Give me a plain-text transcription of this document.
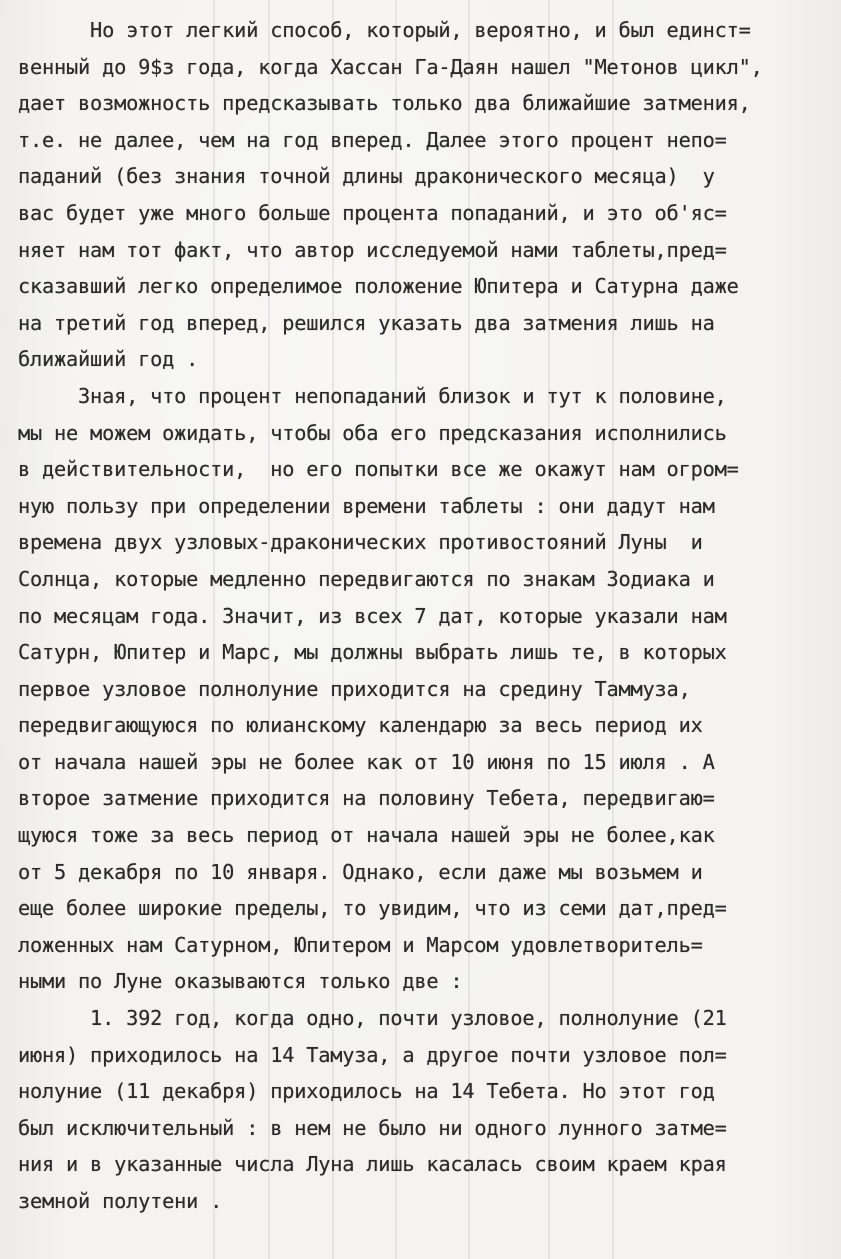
Но этот легкий способ, который, вероятно, и был единст=
венный до 9$з года, когда Хассан Га-Даян нашел "Метонов цикл",
дает возможность предсказывать только два ближайшие затмения,
т.е. не далее, чем на год вперед. Далее этого процент непо=
паданий (без знания точной длины драконического месяца)  у
вас будет уже много больше процента попаданий, и это об'яс=
няет нам тот факт, что автор исследуемой нами таблеты,пред=
сказавший легко определимое положение Юпитера и Сатурна даже
на третий год вперед, решился указать два затмения лишь на
ближайший год .
Зная, что процент непопаданий близок и тут к половине,
мы не можем ожидать, чтобы оба его предсказания исполнились
в действительности,  но его попытки все же окажут нам огром=
ную пользу при определении времени таблеты : они дадут нам
времена двух узловых-драконических противостояний Луны  и
Солнца, которые медленно передвигаются по знакам Зодиака и
по месяцам года. Значит, из всех 7 дат, которые указали нам
Сатурн, Юпитер и Марс, мы должны выбрать лишь те, в которых
первое узловое полнолуние приходится на средину Таммуза,
передвигающуюся по юлианскому календарю за весь период их
от начала нашей эры не более как от 10 июня по 15 июля . А
второе затмение приходится на половину Тебета, передвигаю=
щуюся тоже за весь период от начала нашей эры не более,как
от 5 декабря по 10 января. Однако, если даже мы возьмем и
еще более широкие пределы, то увидим, что из семи дат,пред=
ложенных нам Сатурном, Юпитером и Марсом удовлетворитель=
ными по Луне оказываются только две :
1. 392 год, когда одно, почти узловое, полнолуние (21
июня) приходилось на 14 Тамуза, а другое почти узловое пол=
нолуние (11 декабря) приходилось на 14 Тебета. Но этот год
был исключительный : в нем не было ни одного лунного затме=
ния и в указанные числа Луна лишь касалась своим краем края
земной полутени .
